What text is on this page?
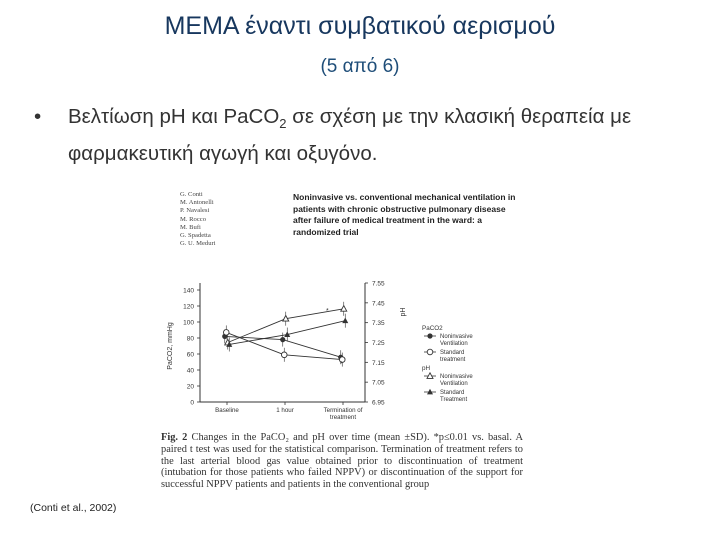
ΜΕΜΑ έναντι συμβατικού αερισμού
(5 από 6)
• Βελτίωση pH και PaCO$_2$ σε σχέση με την κλασική θεραπεία με φαρμακευτική αγωγή και οξυγόνο.
G. Conti
M. Antonelli
P. Navalesi
M. Rocco
M. Bufi
G. Spadetta
G. U. Meduri
Noninvasive vs. conventional mechanical ventilation in patients with chronic obstructive pulmonary disease after failure of medical treatment in the ward: a randomized trial
0
20
40
60
80
100
120
140
6.95
7.05
7.15
7.25
7.35
7.45
7.55
PaCO2, mmHg
pH
Baseline	1 hour	Termination of
treatment
*
*
PaCO2
Noninvasive
Ventilation
Standard
treatment
pH
Noninvasive
Ventilation
Standard
Treatment
Fig. 2 Changes in the PaCO₂ and pH over time (mean ±SD). *p≤0.01 vs. basal. A paired t test was used for the statistical comparison. Termination of treatment refers to the last arterial blood gas value obtained prior to discontinuation of treatment (intubation for those patients who failed NPPV) or discontinuation of the support for successful NPPV patients and patients in the conventional group
(Conti et al., 2002)
